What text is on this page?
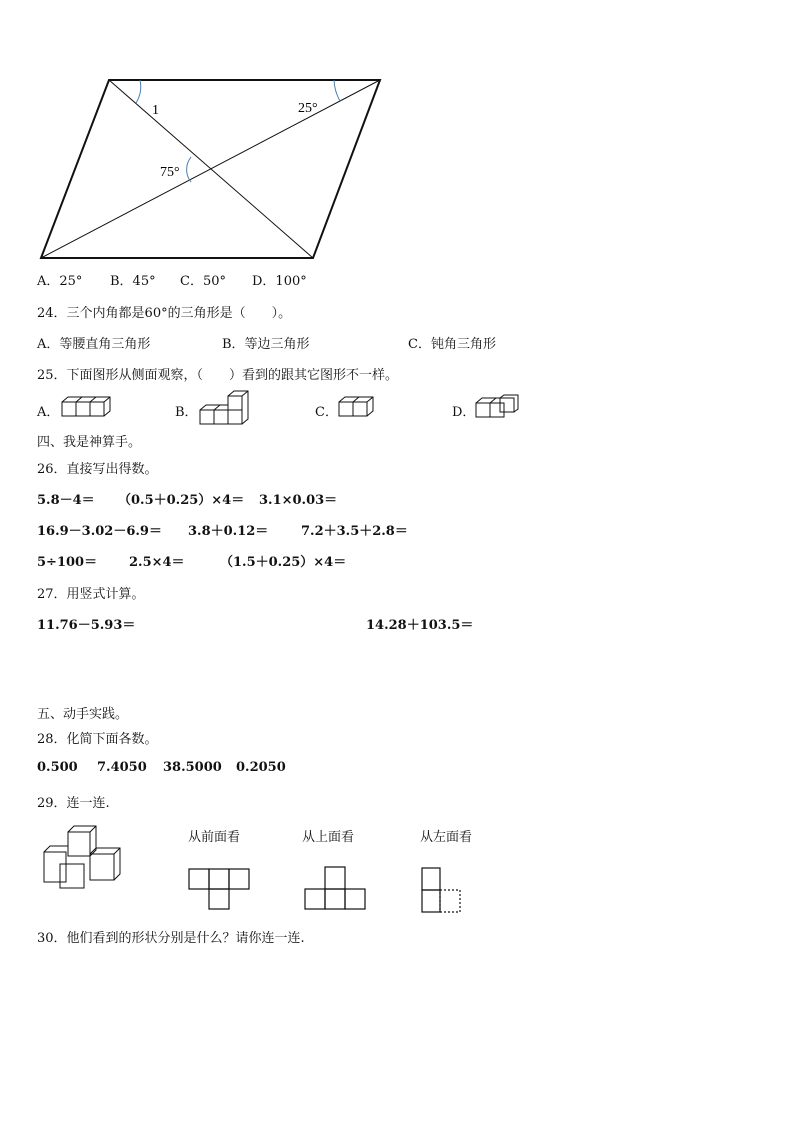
1	25°
75°
A．25° B．45° C．50° D．100°
24．三个内角都是60°的三角形是（　　）。
A．等腰直角三角形	B．等边三角形	C．钝角三角形
25．下面图形从侧面观察，（　　）看到的跟其它图形不一样。
A．	B．	C．	D．
四、我是神算手。
26．直接写出得数。
5.8－4＝ （0.5＋0.25）×4＝ 3.1×0.03＝
16.9－3.02－6.9＝ 3.8＋0.12＝	7.2＋3.5＋2.8＝
5÷100＝ 2.5×4＝	（1.5＋0.25）×4＝
27．用竖式计算。
11.76－5.93＝	14.28＋103.5＝
五、动手实践。
28．化简下面各数。
0.500 7.4050 38.5000 0.2050
29．连一连.
从前面看	从上面看	从左面看
30．他们看到的形状分别是什么？请你连一连.
